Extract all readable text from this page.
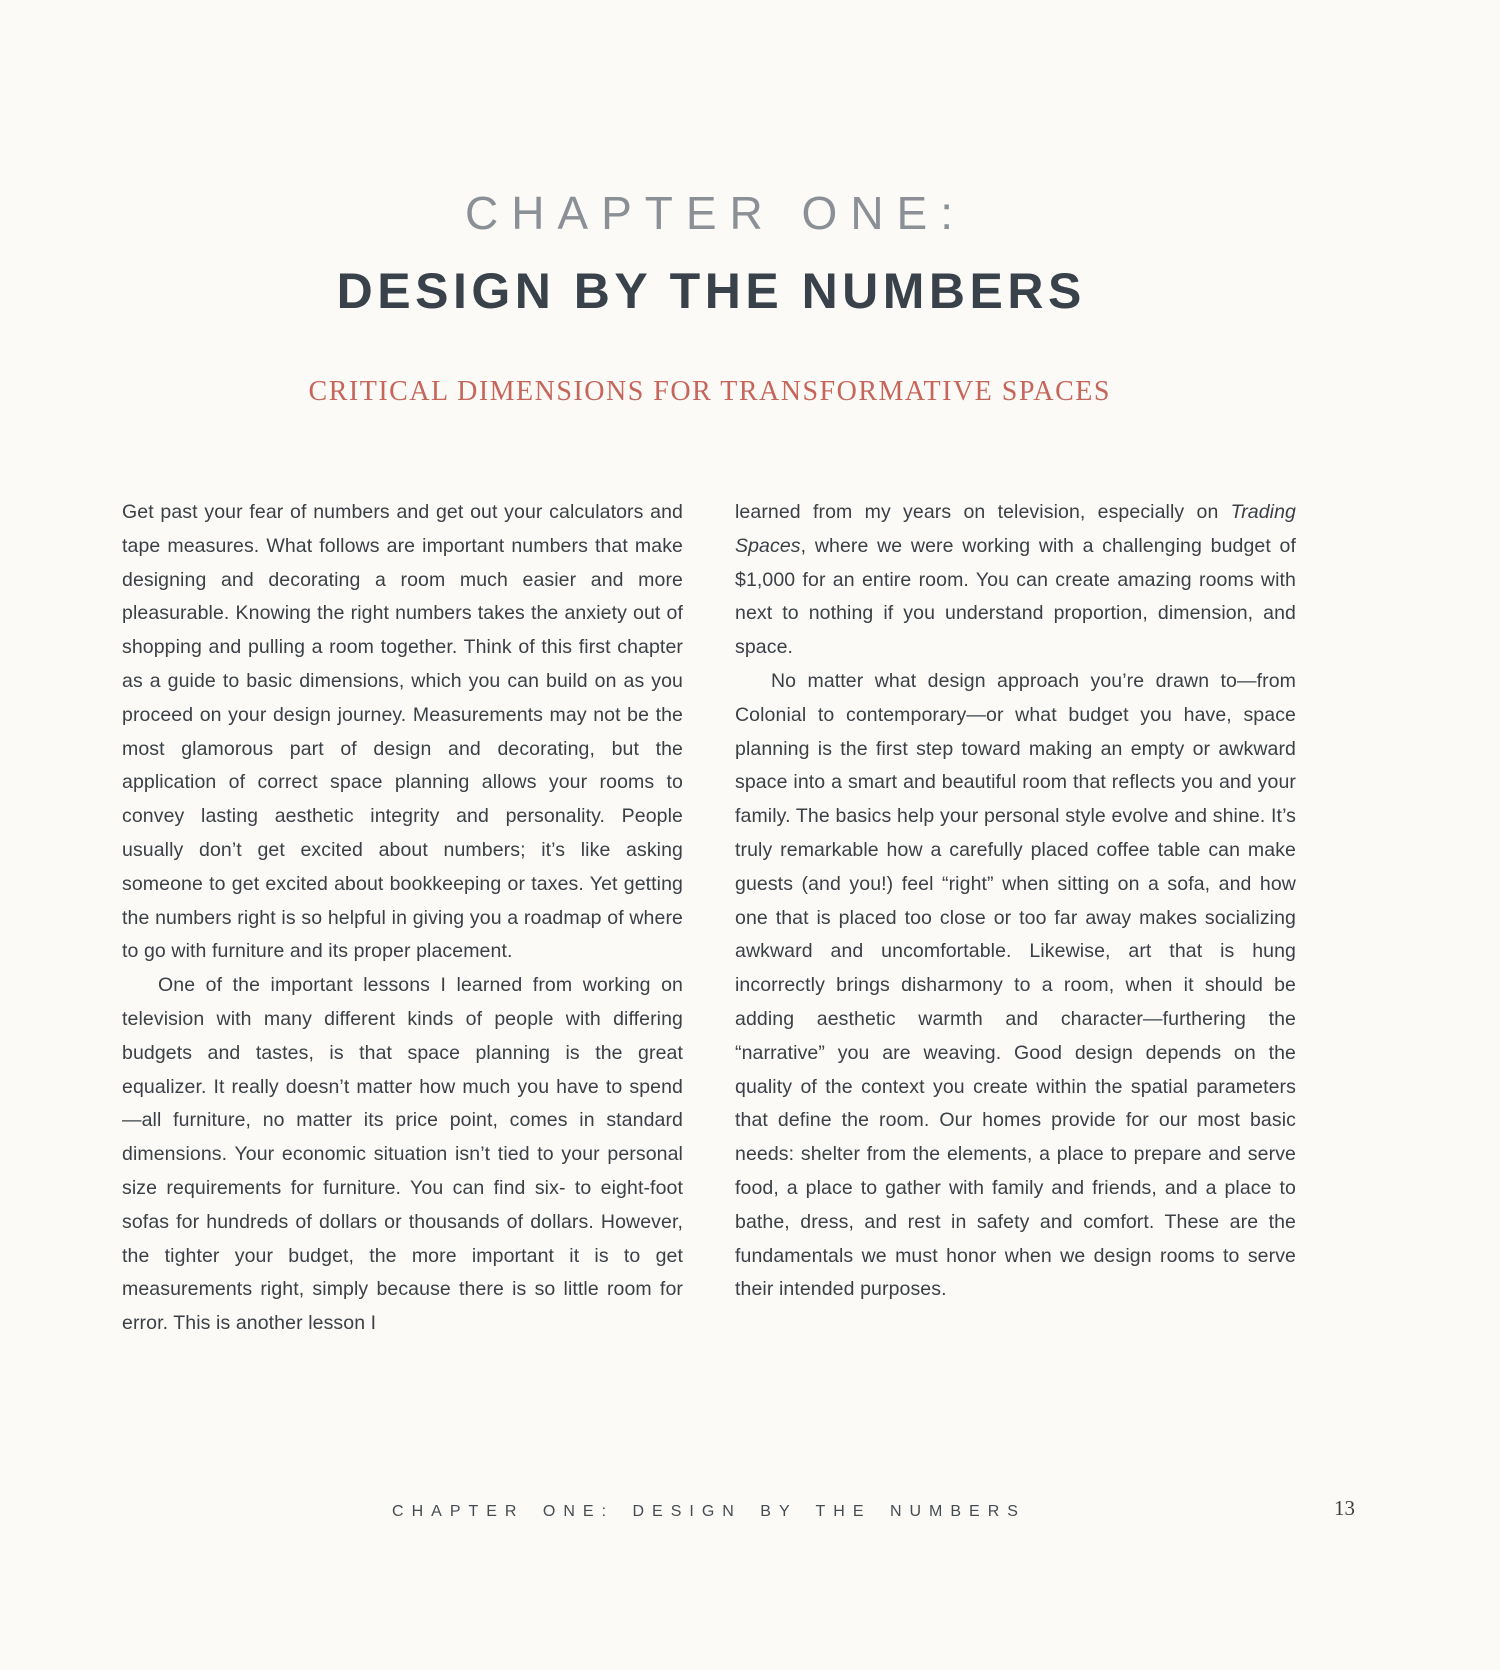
CHAPTER ONE:
DESIGN BY THE NUMBERS
CRITICAL DIMENSIONS FOR TRANSFORMATIVE SPACES

Get past your fear of numbers and get out your calculators and tape measures. What follows are important numbers that make designing and decorating a room much easier and more pleasurable. Knowing the right numbers takes the anxiety out of shopping and pulling a room together. Think of this first chapter as a guide to basic dimensions, which you can build on as you proceed on your design journey. Measurements may not be the most glamorous part of design and decorating, but the application of correct space planning allows your rooms to convey lasting aesthetic integrity and personality. People usually don’t get excited about numbers; it’s like asking someone to get excited about bookkeeping or taxes. Yet getting the numbers right is so helpful in giving you a roadmap of where to go with furniture and its proper placement.

One of the important lessons I learned from working on television with many different kinds of people with differing budgets and tastes, is that space planning is the great equalizer. It really doesn’t matter how much you have to spend—all furniture, no matter its price point, comes in standard dimensions. Your economic situation isn’t tied to your personal size requirements for furniture. You can find six- to eight-foot sofas for hundreds of dollars or thousands of dollars. However, the tighter your budget, the more important it is to get measurements right, simply because there is so little room for error. This is another lesson I

learned from my years on television, especially on Trading Spaces, where we were working with a challenging budget of $1,000 for an entire room. You can create amazing rooms with next to nothing if you understand proportion, dimension, and space.

No matter what design approach you’re drawn to—from Colonial to contemporary—or what budget you have, space planning is the first step toward making an empty or awkward space into a smart and beautiful room that reflects you and your family. The basics help your personal style evolve and shine. It’s truly remarkable how a carefully placed coffee table can make guests (and you!) feel “right” when sitting on a sofa, and how one that is placed too close or too far away makes socializing awkward and uncomfortable. Likewise, art that is hung incorrectly brings disharmony to a room, when it should be adding aesthetic warmth and character—furthering the “narrative” you are weaving. Good design depends on the quality of the context you create within the spatial parameters that define the room. Our homes provide for our most basic needs: shelter from the elements, a place to prepare and serve food, a place to gather with family and friends, and a place to bathe, dress, and rest in safety and comfort. These are the fundamentals we must honor when we design rooms to serve their intended purposes.

CHAPTER ONE: DESIGN BY THE NUMBERS	13
